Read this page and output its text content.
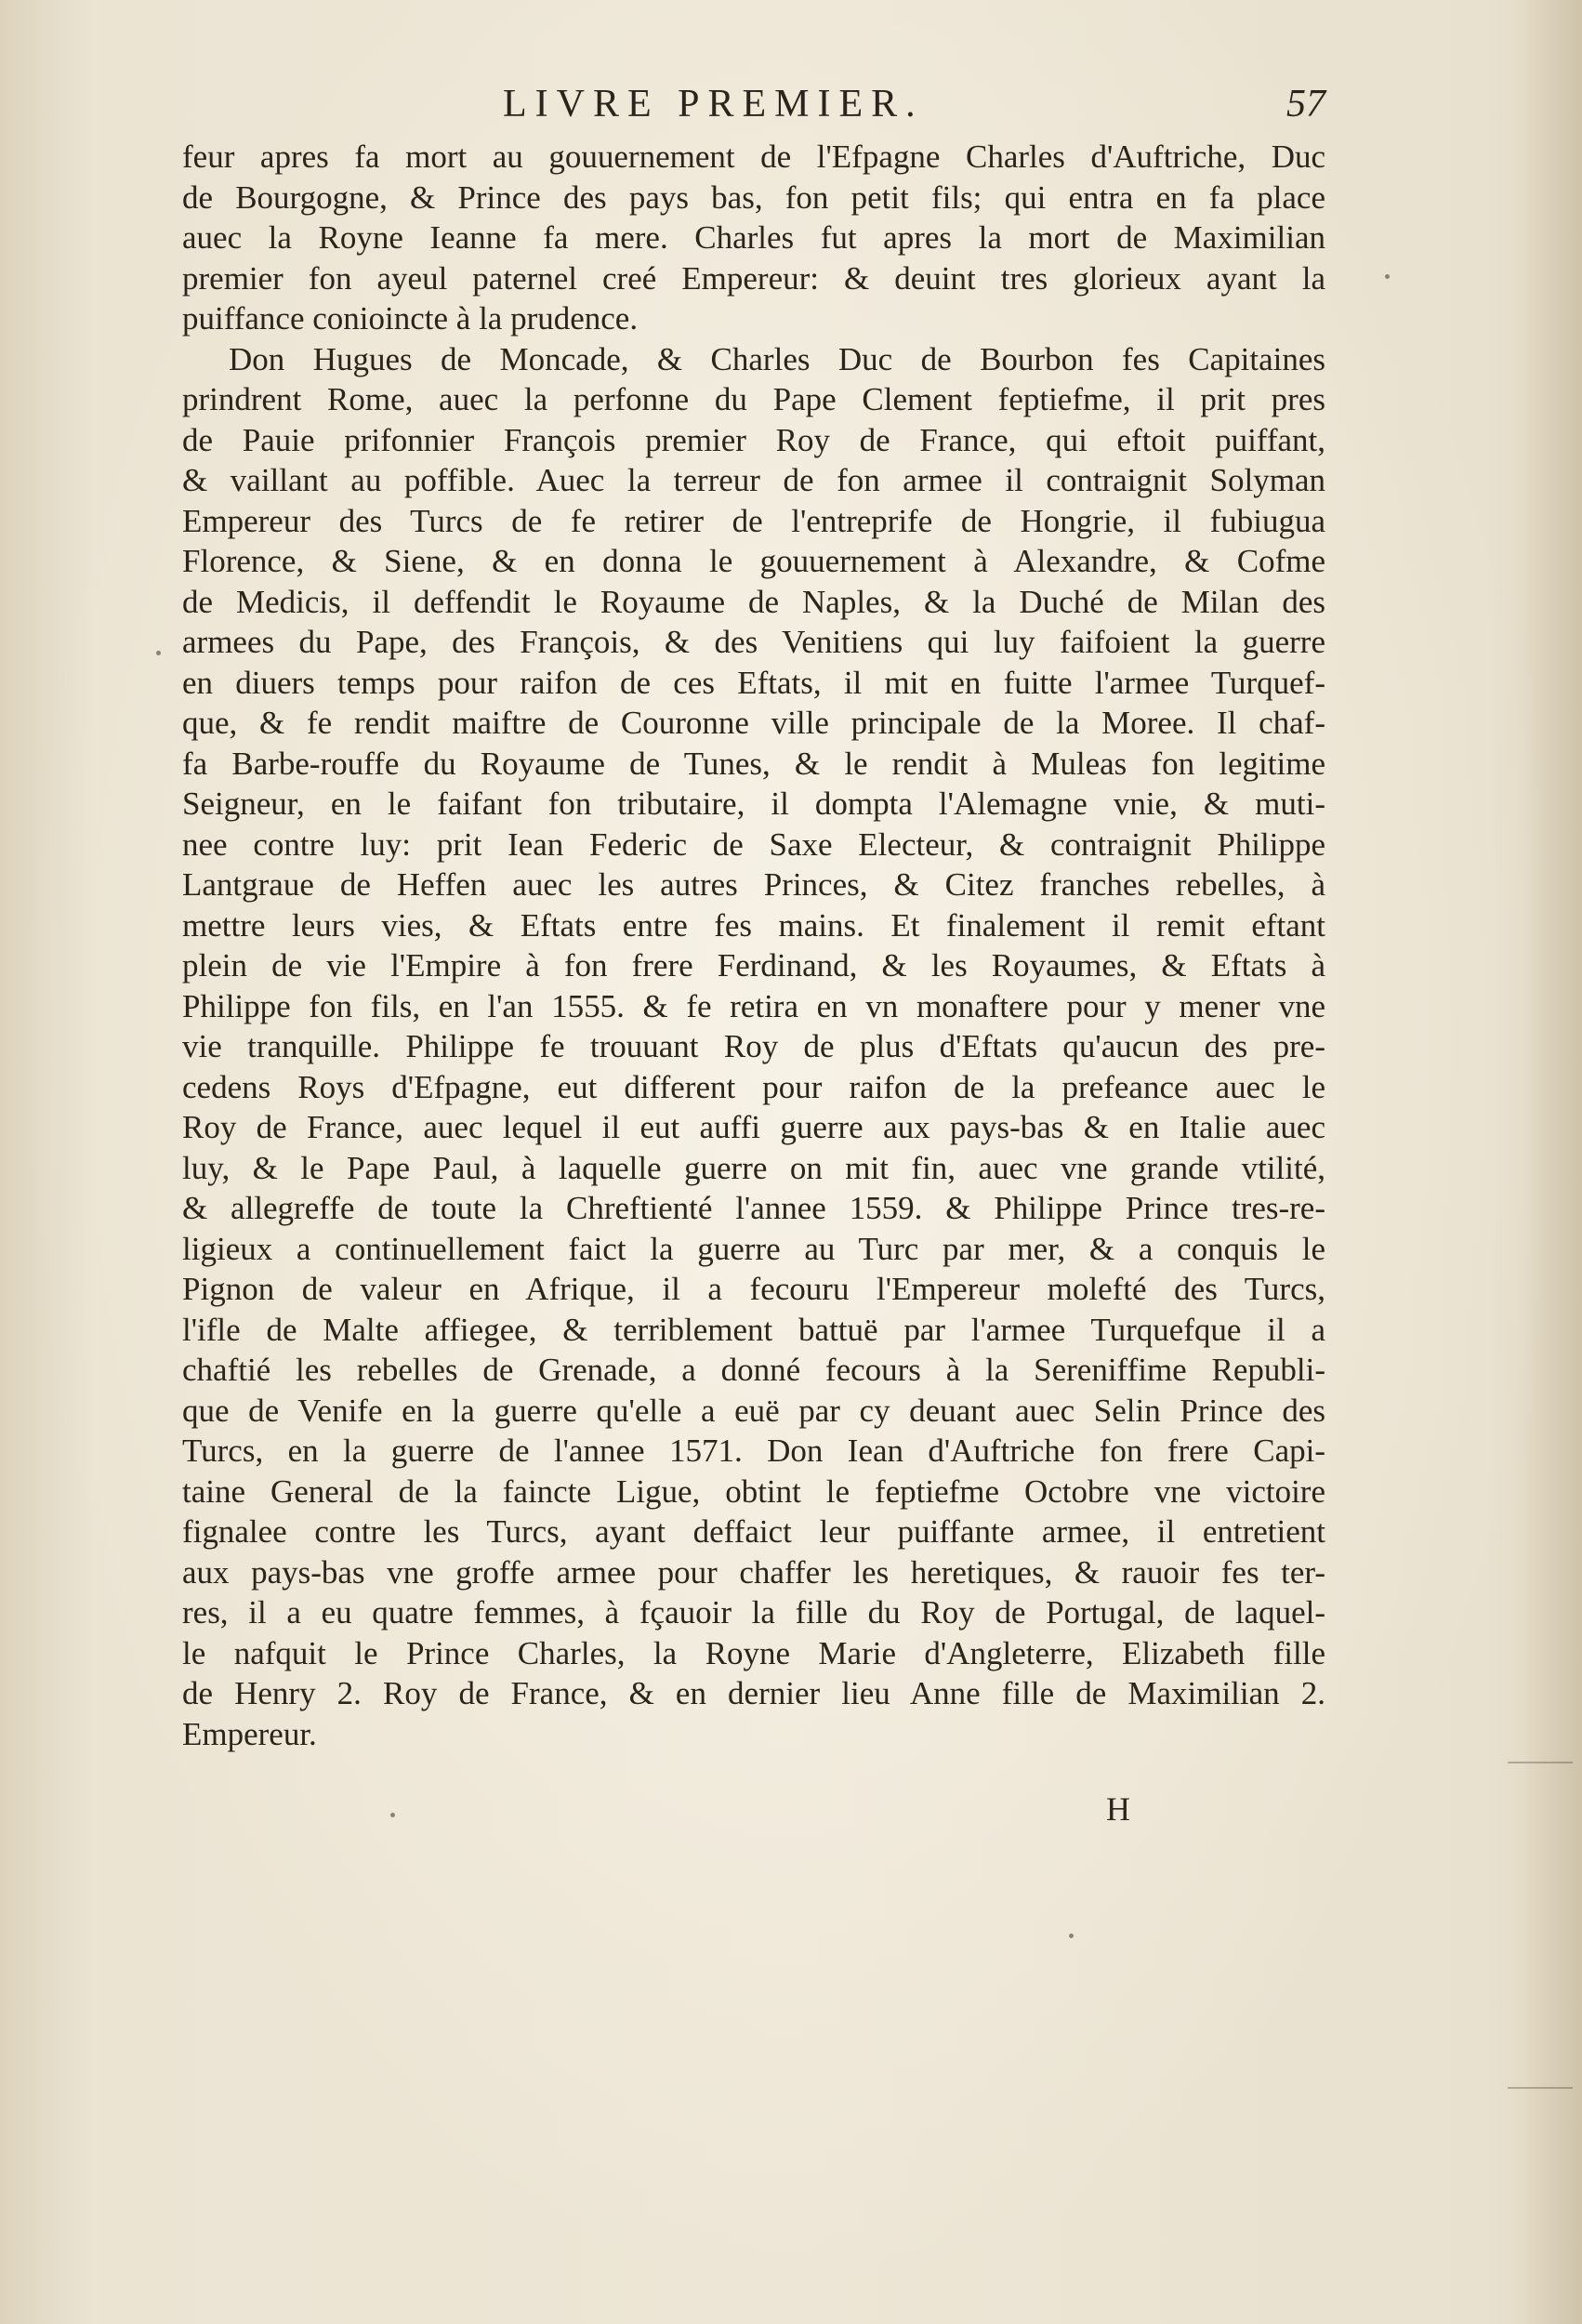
LIVRE PREMIER.	57
feur apres fa mort au gouuernement de l'Efpagne Charles d'Auftriche, Duc
de Bourgogne, & Prince des pays bas, fon petit fils; qui entra en fa place
auec la Royne Ieanne fa mere. Charles fut apres la mort de Maximilian
premier fon ayeul paternel creé Empereur: & deuint tres glorieux ayant la
puiffance conioincte à la prudence.
Don Hugues de Moncade, & Charles Duc de Bourbon fes Capitaines
prindrent Rome, auec la perfonne du Pape Clement feptiefme, il prit pres
de Pauie prifonnier François premier Roy de France, qui eftoit puiffant,
& vaillant au poffible. Auec la terreur de fon armee il contraignit Solyman
Empereur des Turcs de fe retirer de l'entreprife de Hongrie, il fubiugua
Florence, & Siene, & en donna le gouuernement à Alexandre, & Cofme
de Medicis, il deffendit le Royaume de Naples, & la Duché de Milan des
armees du Pape, des François, & des Venitiens qui luy faifoient la guerre
en diuers temps pour raifon de ces Eftats, il mit en fuitte l'armee Turquef-
que, & fe rendit maiftre de Couronne ville principale de la Moree. Il chaf-
fa Barbe-rouffe du Royaume de Tunes, & le rendit à Muleas fon legitime
Seigneur, en le faifant fon tributaire, il dompta l'Alemagne vnie, & muti-
nee contre luy: prit Iean Federic de Saxe Electeur, & contraignit Philippe
Lantgraue de Heffen auec les autres Princes, & Citez franches rebelles, à
mettre leurs vies, & Eftats entre fes mains. Et finalement il remit eftant
plein de vie l'Empire à fon frere Ferdinand, & les Royaumes, & Eftats à
Philippe fon fils, en l'an 1555. & fe retira en vn monaftere pour y mener vne
vie tranquille. Philippe fe trouuant Roy de plus d'Eftats qu'aucun des pre-
cedens Roys d'Efpagne, eut different pour raifon de la prefeance auec le
Roy de France, auec lequel il eut auffi guerre aux pays-bas & en Italie auec
luy, & le Pape Paul, à laquelle guerre on mit fin, auec vne grande vtilité,
& allegreffe de toute la Chreftienté l'annee 1559. & Philippe Prince tres-re-
ligieux a continuellement faict la guerre au Turc par mer, & a conquis le
Pignon de valeur en Afrique, il a fecouru l'Empereur molefté des Turcs,
l'ifle de Malte affiegee, & terriblement battuë par l'armee Turquefque il a
chaftié les rebelles de Grenade, a donné fecours à la Sereniffime Republi-
que de Venife en la guerre qu'elle a euë par cy deuant auec Selin Prince des
Turcs, en la guerre de l'annee 1571. Don Iean d'Auftriche fon frere Capi-
taine General de la faincte Ligue, obtint le feptiefme Octobre vne victoire
fignalee contre les Turcs, ayant deffaict leur puiffante armee, il entretient
aux pays-bas vne groffe armee pour chaffer les heretiques, & rauoir fes ter-
res, il a eu quatre femmes, à fçauoir la fille du Roy de Portugal, de laquel-
le nafquit le Prince Charles, la Royne Marie d'Angleterre, Elizabeth fille
de Henry 2. Roy de France, & en dernier lieu Anne fille de Maximilian 2.
Empereur.
H
